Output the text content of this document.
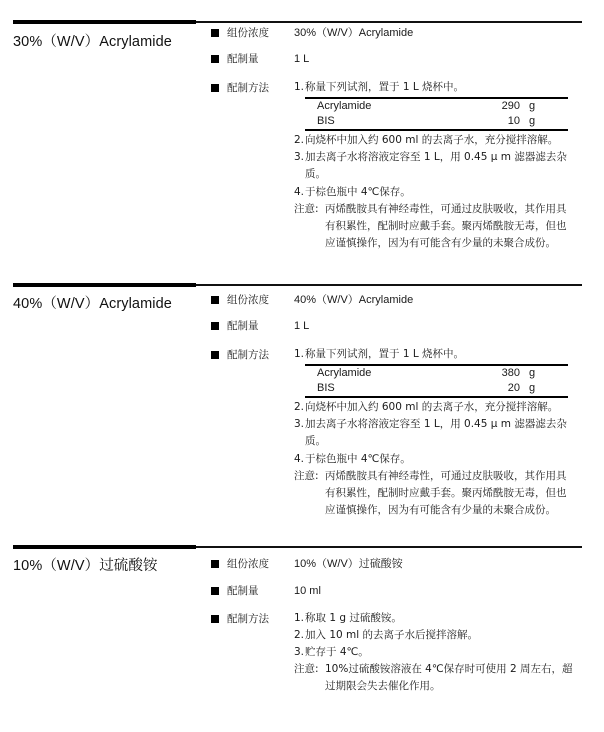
30%（W/V）Acrylamide
组份浓度 30%（W/V）Acrylamide
配制量	1 L
配制方法 1. 称量下列试剂，置于 1 L 烧杯中。
Acrylamide	290 g
BIS	10 g
2. 向烧杯中加入约 600 ml 的去离子水，充分搅拌溶解。
3. 加去离子水将溶液定容至 1 L，用 0.45 μ m 滤器滤去杂
质。
4. 于棕色瓶中 4℃保存。
注意: 丙烯酰胺具有神经毒性，可通过皮肤吸收，其作用具
有积累性，配制时应戴手套。聚丙烯酰胺无毒，但也
应谨慎操作，因为有可能含有少量的未聚合成份。
40%（W/V）Acrylamide	组份浓度 40%（W/V）Acrylamide
配制量	1 L
配制方法 1. 称量下列试剂，置于 1 L 烧杯中。
Acrylamide	380 g
BIS	20 g
2. 向烧杯中加入约 600 ml 的去离子水，充分搅拌溶解。
3. 加去离子水将溶液定容至 1 L，用 0.45 μ m 滤器滤去杂
质。
4. 于棕色瓶中 4℃保存。
注意: 丙烯酰胺具有神经毒性，可通过皮肤吸收，其作用具
有积累性，配制时应戴手套。聚丙烯酰胺无毒，但也
应谨慎操作，因为有可能含有少量的未聚合成份。
10%（W/V）过硫酸铵	组份浓度 10%（W/V）过硫酸铵
配制量	10 ml
配制方法 1. 称取 1 g 过硫酸铵。
2. 加入 10 ml 的去离子水后搅拌溶解。
3. 贮存于 4℃。
注意: 10%过硫酸铵溶液在 4℃保存时可使用 2 周左右，超
过期限会失去催化作用。
